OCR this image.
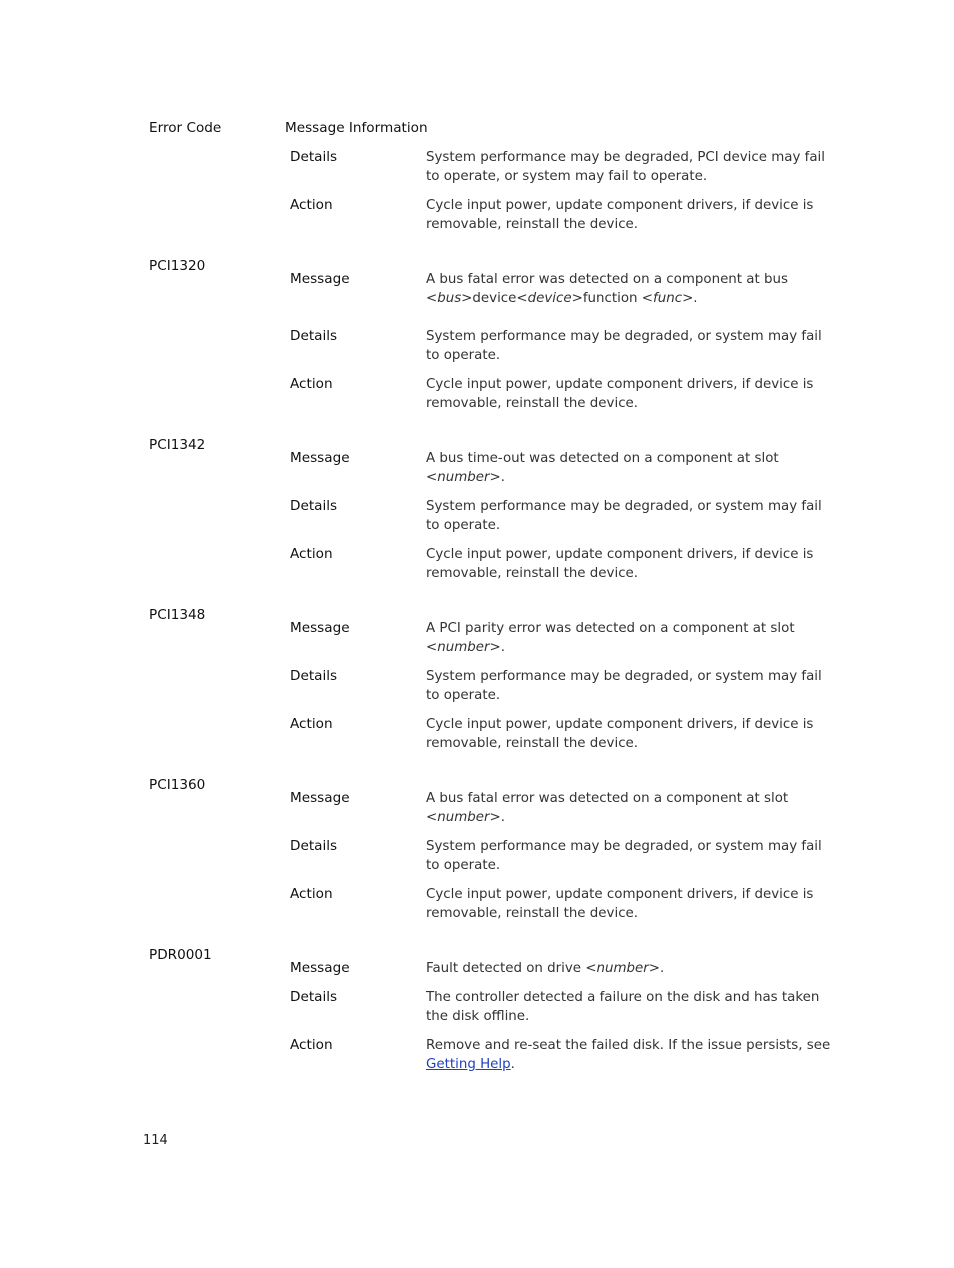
Error Code	Message Information
Details	System performance may be degraded, PCI device may fail to operate, or system may fail to operate.
Action	Cycle input power, update component drivers, if device is removable, reinstall the device.
PCI1320
Message	A bus fatal error was detected on a component at bus <bus>device<device>function <func>.
Details	System performance may be degraded, or system may fail to operate.
Action	Cycle input power, update component drivers, if device is removable, reinstall the device.
PCI1342
Message	A bus time-out was detected on a component at slot <number>.
Details	System performance may be degraded, or system may fail to operate.
Action	Cycle input power, update component drivers, if device is removable, reinstall the device.
PCI1348
Message	A PCI parity error was detected on a component at slot <number>.
Details	System performance may be degraded, or system may fail to operate.
Action	Cycle input power, update component drivers, if device is removable, reinstall the device.
PCI1360
Message	A bus fatal error was detected on a component at slot <number>.
Details	System performance may be degraded, or system may fail to operate.
Action	Cycle input power, update component drivers, if device is removable, reinstall the device.
PDR0001
Message	Fault detected on drive <number>.
Details	The controller detected a failure on the disk and has taken the disk offline.
Action	Remove and re-seat the failed disk. If the issue persists, see Getting Help.
114
